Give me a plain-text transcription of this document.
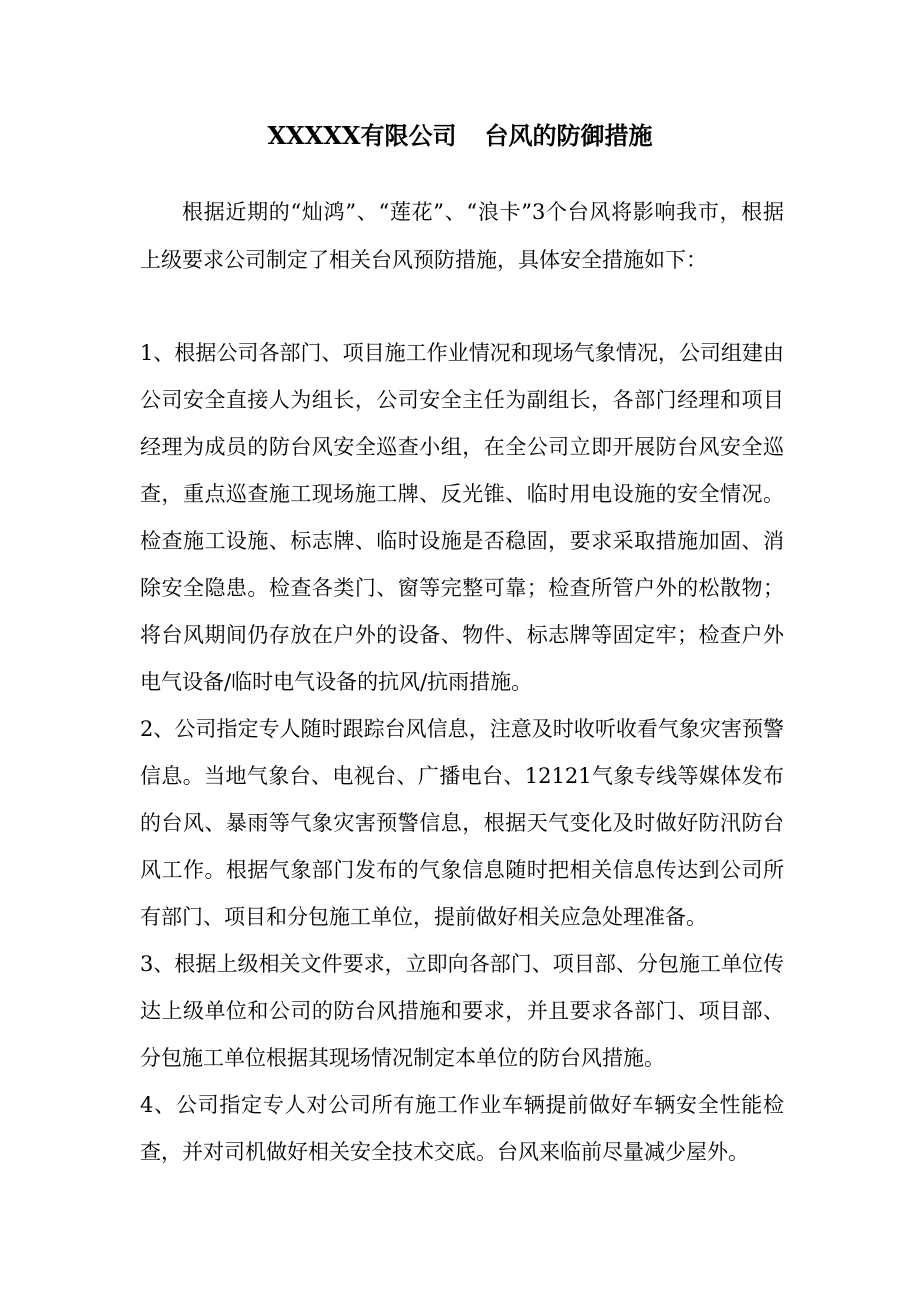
XXXXX有限公司 台风的防御措施

根据近期的“灿鸿”、“莲花”、“浪卡”3个台风将影响我市，根据上级要求公司制定了相关台风预防措施，具体安全措施如下：

1、根据公司各部门、项目施工作业情况和现场气象情况，公司组建由公司安全直接人为组长，公司安全主任为副组长，各部门经理和项目经理为成员的防台风安全巡查小组，在全公司立即开展防台风安全巡查，重点巡查施工现场施工牌、反光锥、临时用电设施的安全情况。检查施工设施、标志牌、临时设施是否稳固，要求采取措施加固、消除安全隐患。检查各类门、窗等完整可靠；检查所管户外的松散物；将台风期间仍存放在户外的设备、物件、标志牌等固定牢；检查户外电气设备/临时电气设备的抗风/抗雨措施。

2、公司指定专人随时跟踪台风信息，注意及时收听收看气象灾害预警信息。当地气象台、电视台、广播电台、12121气象专线等媒体发布的台风、暴雨等气象灾害预警信息，根据天气变化及时做好防汛防台风工作。根据气象部门发布的气象信息随时把相关信息传达到公司所有部门、项目和分包施工单位，提前做好相关应急处理准备。

3、根据上级相关文件要求，立即向各部门、项目部、分包施工单位传达上级单位和公司的防台风措施和要求，并且要求各部门、项目部、分包施工单位根据其现场情况制定本单位的防台风措施。

4、公司指定专人对公司所有施工作业车辆提前做好车辆安全性能检查，并对司机做好相关安全技术交底。台风来临前尽量减少屋外。
